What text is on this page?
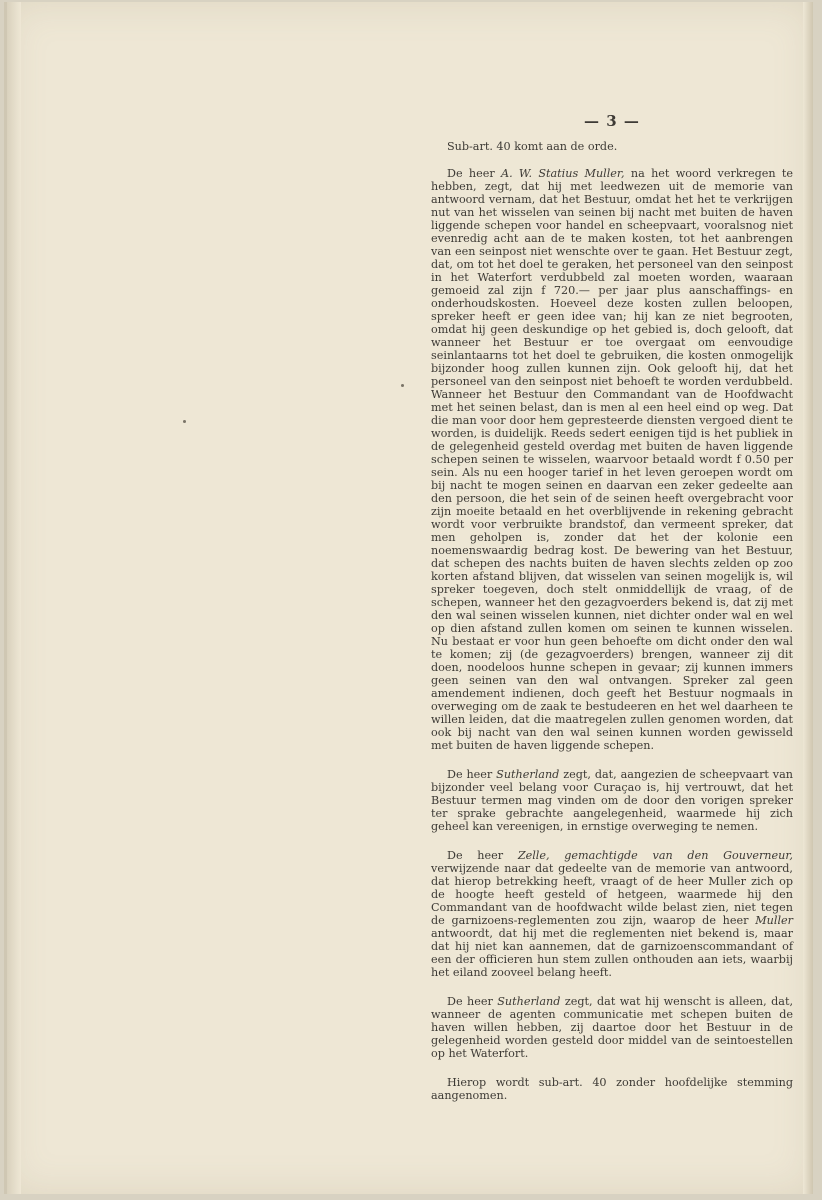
— 3 —

Sub-art. 40 komt aan de orde.

De heer A. W. Statius Muller, na het woord verkregen te hebben, zegt, dat hij met leedwezen uit de memorie van antwoord vernam, dat het Bestuur, omdat het het te verkrijgen nut van het wisselen van seinen bij nacht met buiten de haven liggende schepen voor handel en scheepvaart, vooralsnog niet evenredig acht aan de te maken kosten, tot het aanbrengen van een seinpost niet wenschte over te gaan. Het Bestuur zegt, dat, om tot het doel te geraken, het personeel van den seinpost in het Waterfort verdubbeld zal moeten worden, waaraan gemoeid zal zijn f 720.— per jaar plus aanschaffings- en onderhoudskosten. Hoeveel deze kosten zullen beloopen, spreker heeft er geen idee van; hij kan ze niet begrooten, omdat hij geen deskundige op het gebied is, doch gelooft, dat wanneer het Bestuur er toe overgaat om eenvoudige seinlantaarns tot het doel te gebruiken, die kosten onmogelijk bijzonder hoog zullen kunnen zijn. Ook gelooft hij, dat het personeel van den seinpost niet behoeft te worden verdubbeld. Wanneer het Bestuur den Commandant van de Hoofdwacht met het seinen belast, dan is men al een heel eind op weg. Dat die man voor door hem gepresteerde diensten vergoed dient te worden, is duidelijk. Reeds sedert eenigen tijd is het publiek in de gelegenheid gesteld overdag met buiten de haven liggende schepen seinen te wisselen, waarvoor betaald wordt f 0.50 per sein. Als nu een hooger tarief in het leven geroepen wordt om bij nacht te mogen seinen en daarvan een zeker gedeelte aan den persoon, die het sein of de seinen heeft overgebracht voor zijn moeite betaald en het overblijvende in rekening gebracht wordt voor verbruikte brandstof, dan vermeent spreker, dat men geholpen is, zonder dat het der kolonie een noemenswaardig bedrag kost. De bewering van het Bestuur, dat schepen des nachts buiten de haven slechts zelden op zoo korten afstand blijven, dat wisselen van seinen mogelijk is, wil spreker toegeven, doch stelt onmiddellijk de vraag, of de schepen, wanneer het den gezagvoerders bekend is, dat zij met den wal seinen wisselen kunnen, niet dichter onder wal en wel op dien afstand zullen komen om seinen te kunnen wisselen. Nu bestaat er voor hun geen behoefte om dicht onder den wal te komen; zij (de gezagvoerders) brengen, wanneer zij dit doen, noodeloos hunne schepen in gevaar; zij kunnen immers geen seinen van den wal ontvangen. Spreker zal geen amendement indienen, doch geeft het Bestuur nogmaals in overweging om de zaak te bestudeeren en het wel daarheen te willen leiden, dat die maatregelen zullen genomen worden, dat ook bij nacht van den wal seinen kunnen worden gewisseld met buiten de haven liggende schepen.

De heer Sutherland zegt, dat, aangezien de scheepvaart van bijzonder veel belang voor Curaçao is, hij vertrouwt, dat het Bestuur termen mag vinden om de door den vorigen spreker ter sprake gebrachte aangelegenheid, waarmede hij zich geheel kan vereenigen, in ernstige overweging te nemen.

De heer Zelle, gemachtigde van den Gouverneur, verwijzende naar dat gedeelte van de memorie van antwoord, dat hierop betrekking heeft, vraagt of de heer Muller zich op de hoogte heeft gesteld of hetgeen, waarmede hij den Commandant van de hoofdwacht wilde belast zien, niet tegen de garnizoens-reglementen zou zijn, waarop de heer Muller antwoordt, dat hij met die reglementen niet bekend is, maar dat hij niet kan aannemen, dat de garnizoenscommandant of een der officieren hun stem zullen onthouden aan iets, waarbij het eiland zooveel belang heeft.

De heer Sutherland zegt, dat wat hij wenscht is alleen, dat, wanneer de agenten communicatie met schepen buiten de haven willen hebben, zij daartoe door het Bestuur in de gelegenheid worden gesteld door middel van de seintoestellen op het Waterfort.

Hierop wordt sub-art. 40 zonder hoofdelijke stemming aangenomen.
